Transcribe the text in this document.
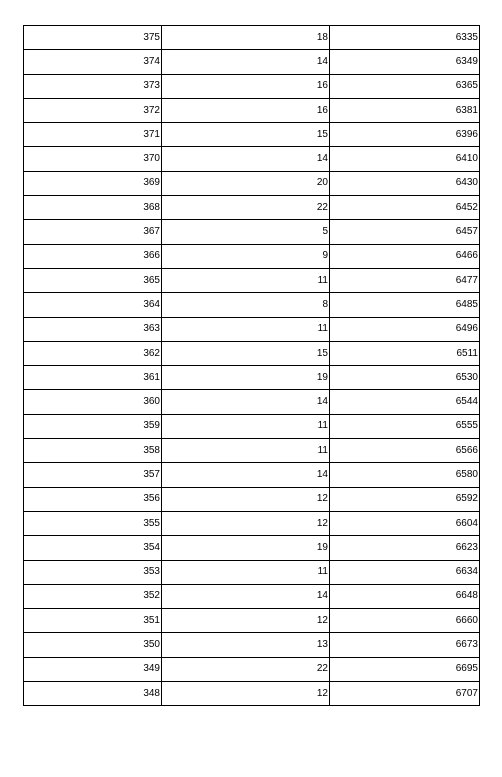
375	18	6335
374	14	6349
373	16	6365
372	16	6381
371	15	6396
370	14	6410
369	20	6430
368	22	6452
367	5	6457
366	9	6466
365	11	6477
364	8	6485
363	11	6496
362	15	6511
361	19	6530
360	14	6544
359	11	6555
358	11	6566
357	14	6580
356	12	6592
355	12	6604
354	19	6623
353	11	6634
352	14	6648
351	12	6660
350	13	6673
349	22	6695
348	12	6707
